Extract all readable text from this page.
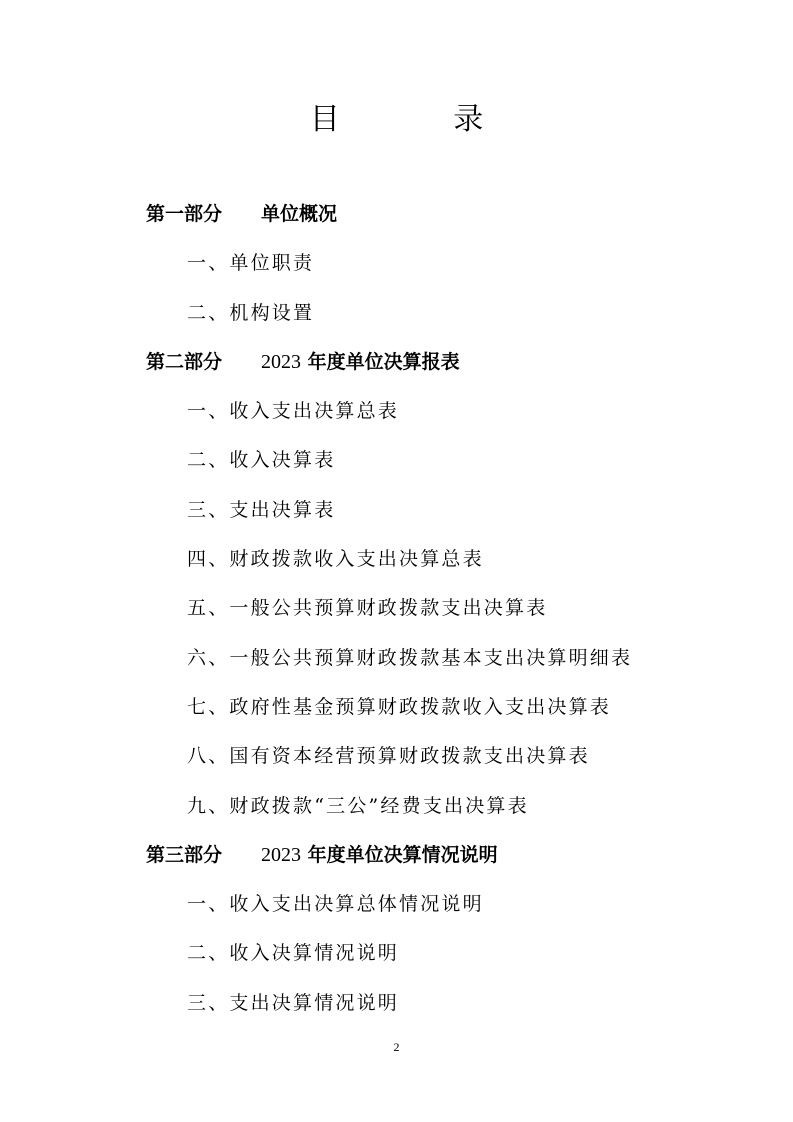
目 录
第一部分 单位概况
一、单位职责
二、机构设置
第二部分 2023 年度单位决算报表
一、收入支出决算总表
二、收入决算表
三、支出决算表
四、财政拨款收入支出决算总表
五、一般公共预算财政拨款支出决算表
六、一般公共预算财政拨款基本支出决算明细表
七、政府性基金预算财政拨款收入支出决算表
八、国有资本经营预算财政拨款支出决算表
九、财政拨款“三公”经费支出决算表
第三部分 2023 年度单位决算情况说明
一、收入支出决算总体情况说明
二、收入决算情况说明
三、支出决算情况说明
2
